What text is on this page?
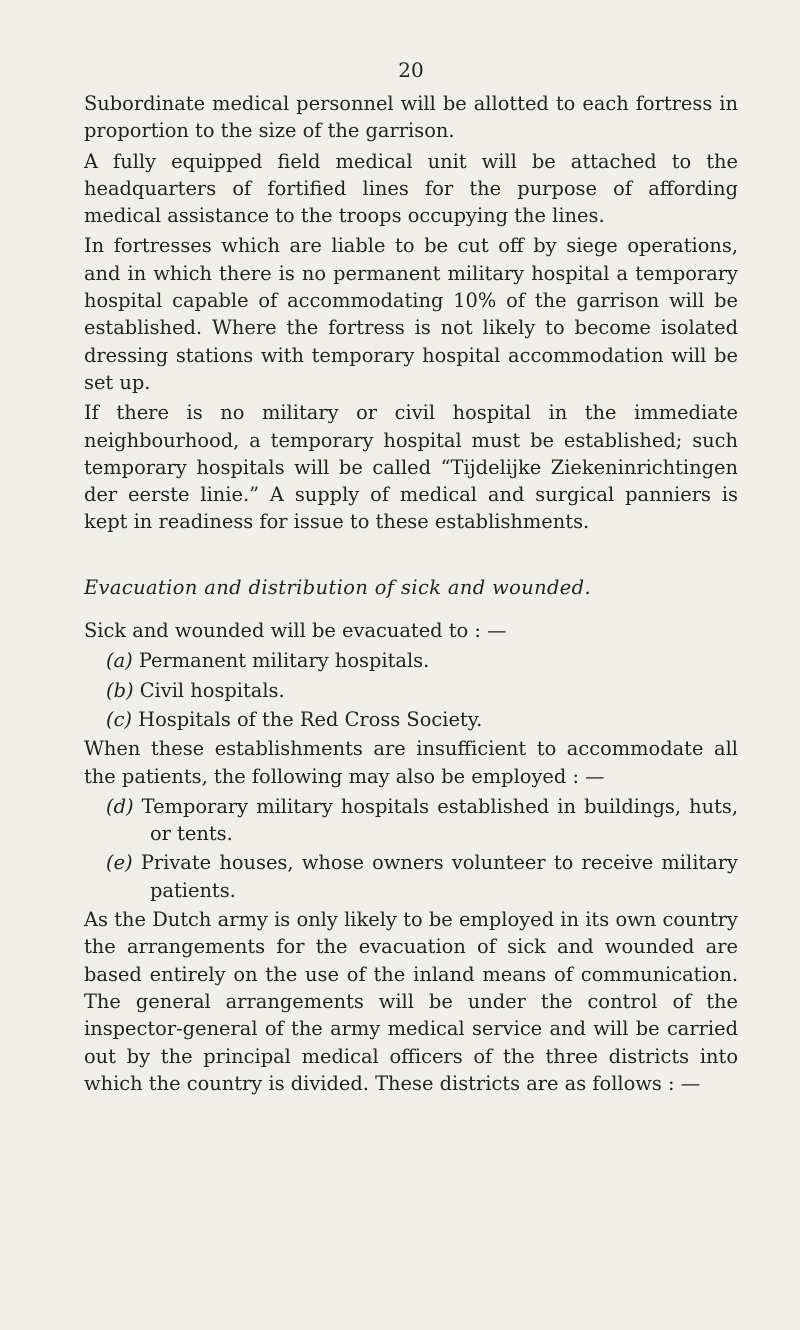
20

Subordinate medical personnel will be allotted to each fortress in proportion to the size of the garrison.

A fully equipped field medical unit will be attached to the headquarters of fortified lines for the purpose of affording medical assistance to the troops occupying the lines.

In fortresses which are liable to be cut off by siege operations, and in which there is no permanent military hospital a temporary hospital capable of accommodating 10% of the garrison will be established. Where the fortress is not likely to become isolated dressing stations with temporary hospital accommodation will be set up.

If there is no military or civil hospital in the immediate neighbourhood, a temporary hospital must be established; such temporary hospitals will be called “Tijdelijke Ziekeninrichtingen der eerste linie.” A supply of medical and surgical panniers is kept in readiness for issue to these establishments.

Evacuation and distribution of sick and wounded.

Sick and wounded will be evacuated to : —

(a) Permanent military hospitals.

(b) Civil hospitals.

(c) Hospitals of the Red Cross Society.

When these establishments are insufficient to accommodate all the patients, the following may also be employed : —

(d) Temporary military hospitals established in buildings, huts, or tents.

(e) Private houses, whose owners volunteer to receive military patients.

As the Dutch army is only likely to be employed in its own country the arrangements for the evacuation of sick and wounded are based entirely on the use of the inland means of communication. The general arrangements will be under the control of the inspector-general of the army medical service and will be carried out by the principal medical officers of the three districts into which the country is divided. These districts are as follows : —
